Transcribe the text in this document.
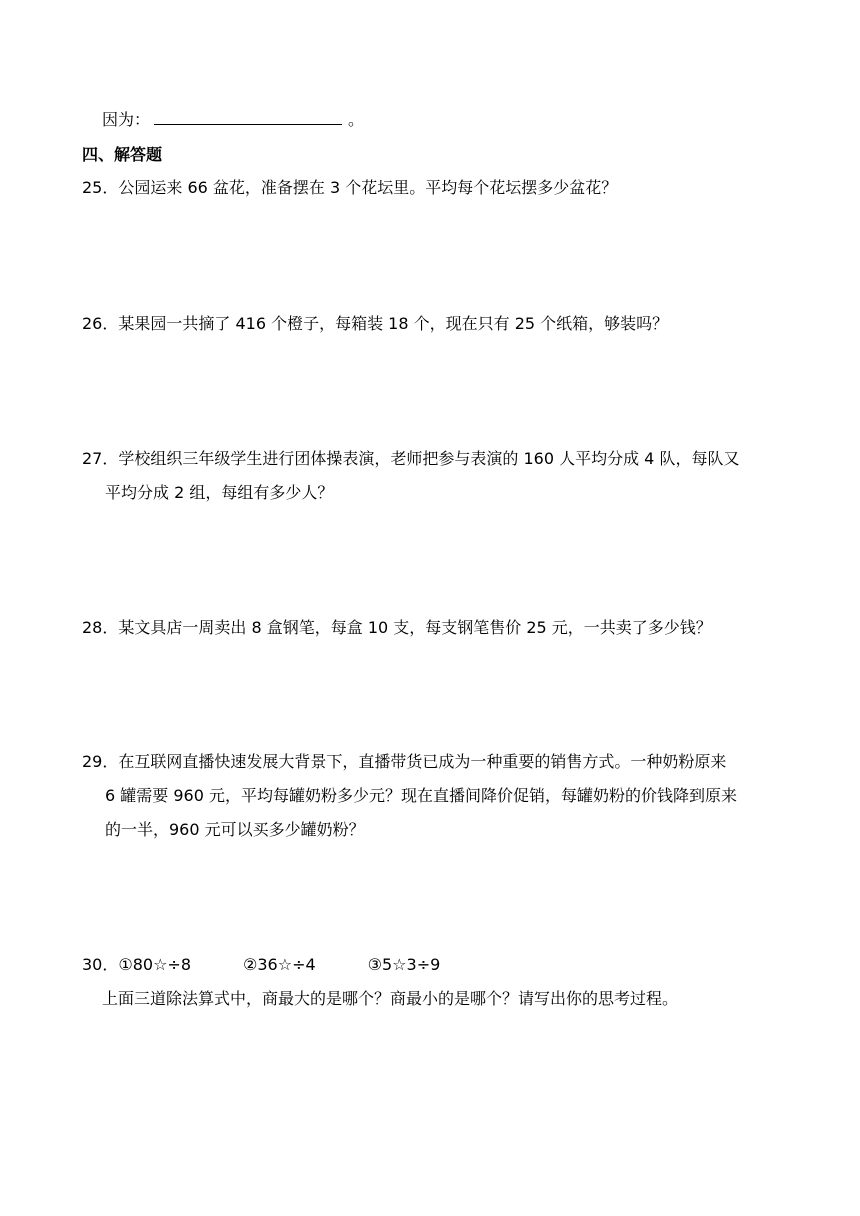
因为：	。
四、解答题
25．公园运来 66 盆花，准备摆在 3 个花坛里。平均每个花坛摆多少盆花？
26．某果园一共摘了 416 个橙子，每箱装 18 个，现在只有 25 个纸箱，够装吗？
27．学校组织三年级学生进行团体操表演，老师把参与表演的 160 人平均分成 4 队，每队又
平均分成 2 组，每组有多少人？
28．某文具店一周卖出 8 盒钢笔，每盒 10 支，每支钢笔售价 25 元，一共卖了多少钱？
29．在互联网直播快速发展大背景下，直播带货已成为一种重要的销售方式。一种奶粉原来
6 罐需要 960 元，平均每罐奶粉多少元？现在直播间降价促销，每罐奶粉的价钱降到原来
的一半，960 元可以买多少罐奶粉？
30．①80☆÷8	②36☆÷4	③5☆3÷9
上面三道除法算式中，商最大的是哪个？商最小的是哪个？请写出你的思考过程。
